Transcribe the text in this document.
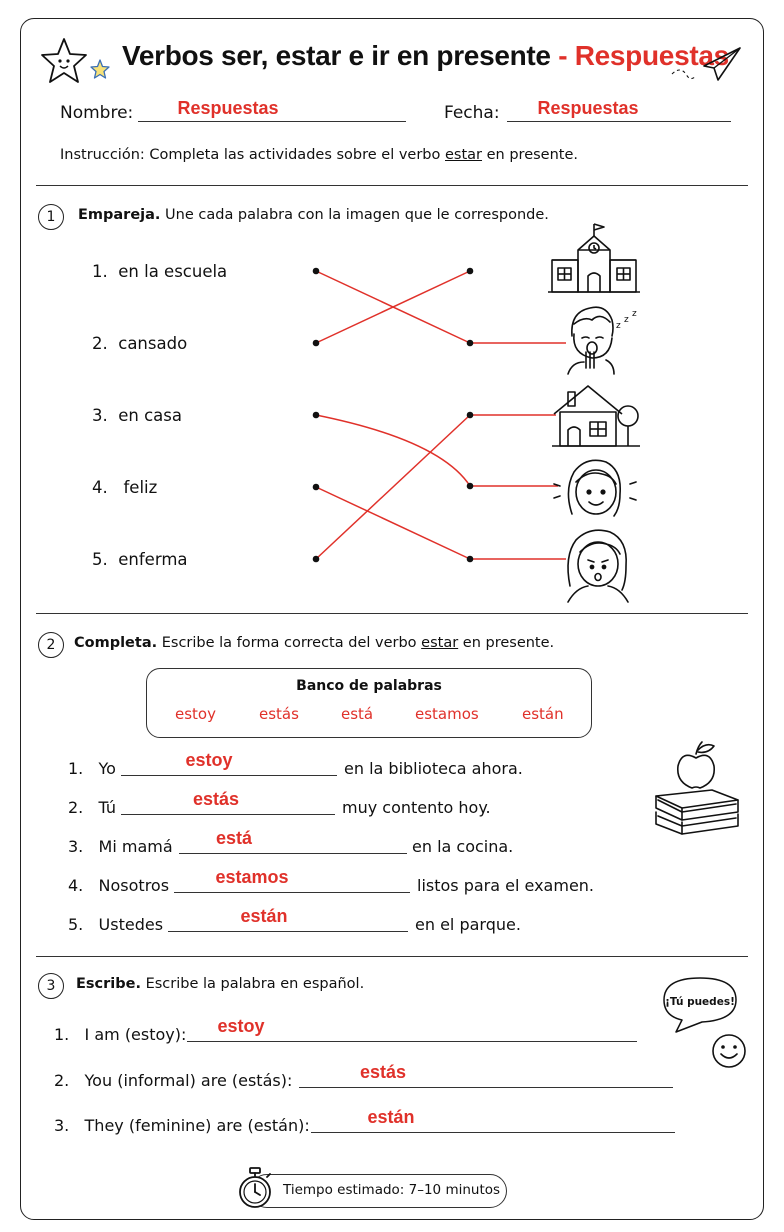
Verbos ser, estar e ir en presente - Respuestas
Nombre:	Respuestas	Fecha:	Respuestas
Instrucción: Completa las actividades sobre el verbo estar en presente.
1	Empareja. Une cada palabra con la imagen que le corresponde.
1. en la escuela
2. cansado
3. en casa
4. feliz
5. enferma
z
z
z
2	Completa. Escribe la forma correcta del verbo estar en presente.
Banco de palabras
estoy	estás	está	estamos	están
1. Yo	estoy	en la biblioteca ahora.
2. Tú	estás	muy contento hoy.
3. Mi mamá	está	en la cocina.
4. Nosotros	estamos	listos para el examen.
5. Ustedes	están	en el parque.
3	Escribe. Escribe la palabra en español.
¡Tú puedes!
1. I am (estoy):	estoy
2. You (informal) are (estás):	estás
3. They (feminine) are (están):	están
Tiempo estimado: 7–10 minutos
